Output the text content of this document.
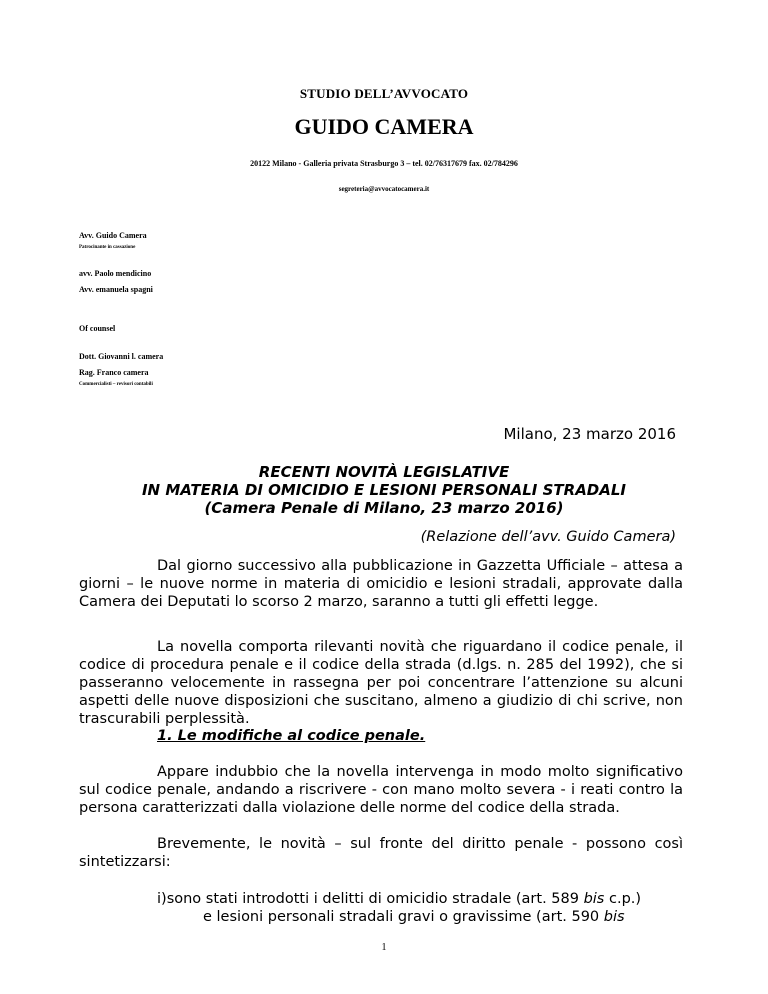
STUDIO DELL’AVVOCATO
GUIDO CAMERA
20122 Milano - Galleria privata Strasburgo 3 – tel. 02/76317679 fax. 02/784296
segreteria@avvocatocamera.it
Avv. Guido Camera
Patrocinante in cassazione
avv. Paolo mendicino
Avv. emanuela spagni
Of counsel
Dott. Giovanni l. camera
Rag. Franco camera
Commercialisti – revisori contabili
Milano, 23 marzo 2016
RECENTI NOVITÀ LEGISLATIVE
IN MATERIA DI OMICIDIO E LESIONI PERSONALI STRADALI
(Camera Penale di Milano, 23 marzo 2016)
(Relazione dell’avv. Guido Camera)

Dal giorno successivo alla pubblicazione in Gazzetta Ufficiale – attesa a giorni – le nuove norme in materia di omicidio e lesioni stradali, approvate dalla Camera dei Deputati lo scorso 2 marzo, saranno a tutti gli effetti legge.

La novella comporta rilevanti novità che riguardano il codice penale, il codice di procedura penale e il codice della strada (d.lgs. n. 285 del 1992), che si passeranno velocemente in rassegna per poi concentrare l’attenzione su alcuni aspetti delle nuove disposizioni che suscitano, almeno a giudizio di chi scrive, non trascurabili perplessità.

1. Le modifiche al codice penale.

Appare indubbio che la novella intervenga in modo molto significativo sul codice penale, andando a riscrivere - con mano molto severa - i reati contro la persona caratterizzati dalla violazione delle norme del codice della strada.

Brevemente, le novità – sul fronte del diritto penale - possono così sintetizzarsi:

i)sono stati introdotti i delitti di omicidio stradale (art. 589 bis c.p.)
e lesioni personali stradali gravi o gravissime (art. 590 bis
1
